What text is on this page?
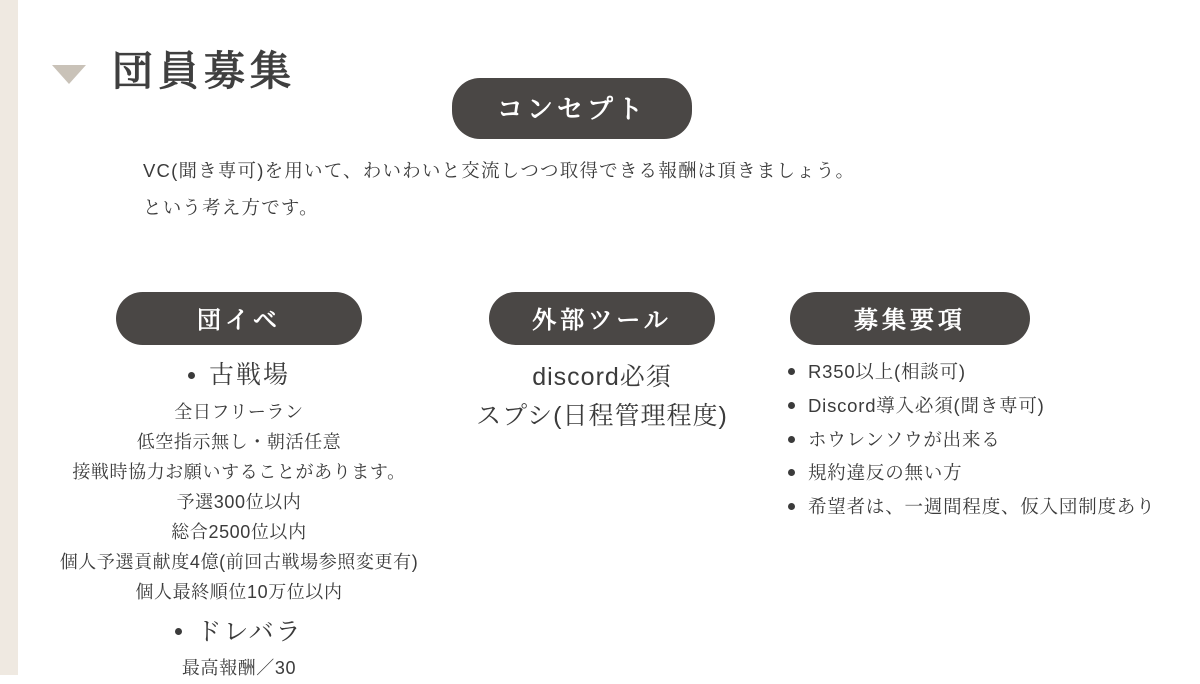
団員募集
コンセプト
VC(聞き専可)を用いて、わいわいと交流しつつ取得できる報酬は頂きましょう。
という考え方です。
団イベ
古戦場
全日フリーラン
低空指示無し・朝活任意
接戦時協力お願いすることがあります。
予選300位以内
総合2500位以内
個人予選貢献度4億(前回古戦場参照変更有)
個人最終順位10万位以内
ドレバラ
最高報酬／30
外部ツール
discord必須
スプシ(日程管理程度)
募集要項
R350以上(相談可)
Discord導入必須(聞き専可)
ホウレンソウが出来る
規約違反の無い方
希望者は、一週間程度、仮入団制度あり
